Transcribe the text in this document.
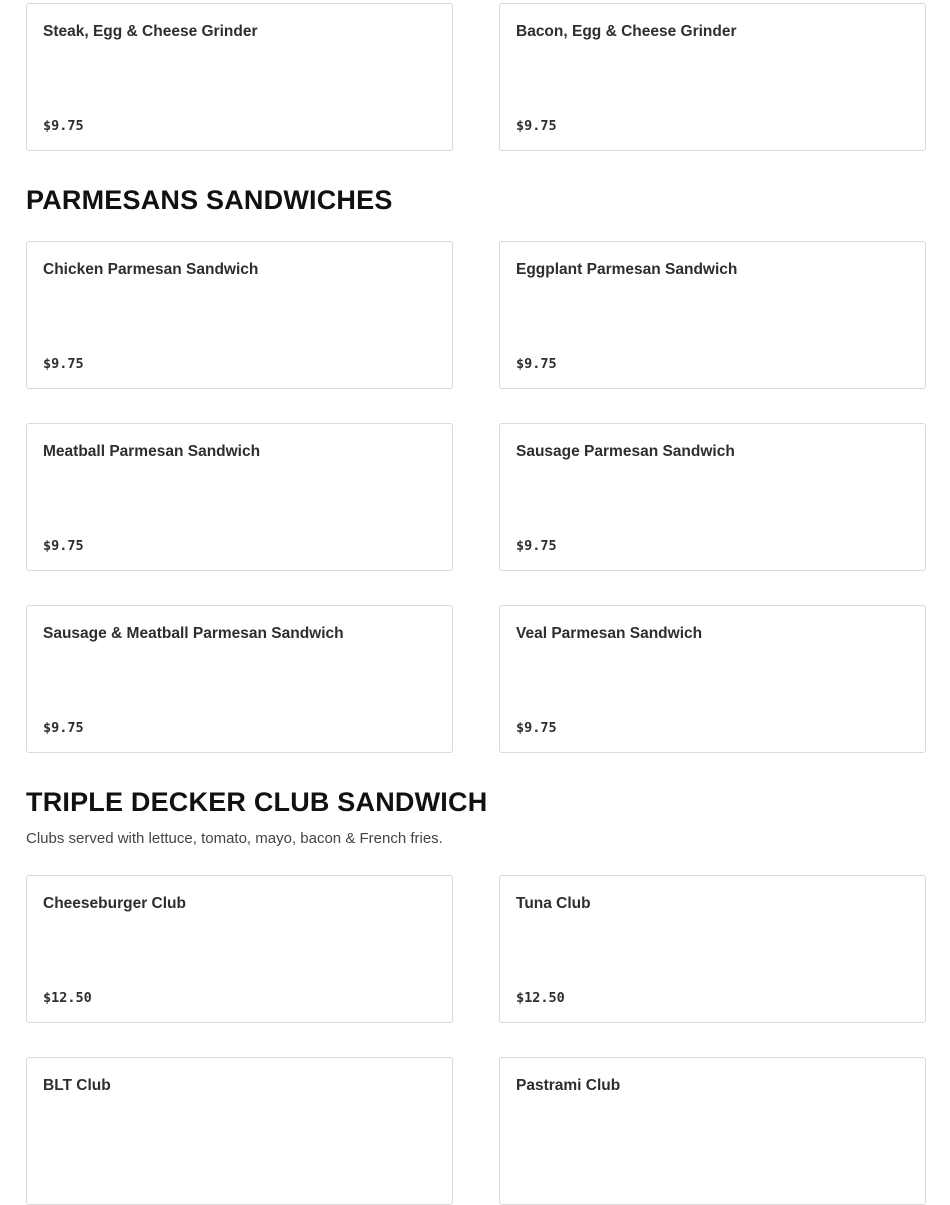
Steak, Egg & Cheese Grinder
$9.75
Bacon, Egg & Cheese Grinder
$9.75
PARMESANS SANDWICHES
Chicken Parmesan Sandwich
$9.75
Eggplant Parmesan Sandwich
$9.75
Meatball Parmesan Sandwich
$9.75
Sausage Parmesan Sandwich
$9.75
Sausage & Meatball Parmesan Sandwich
$9.75
Veal Parmesan Sandwich
$9.75
TRIPLE DECKER CLUB SANDWICH

Clubs served with lettuce, tomato, mayo, bacon & French fries.

Cheeseburger Club
$12.50
Tuna Club
$12.50
BLT Club	Pastrami Club
